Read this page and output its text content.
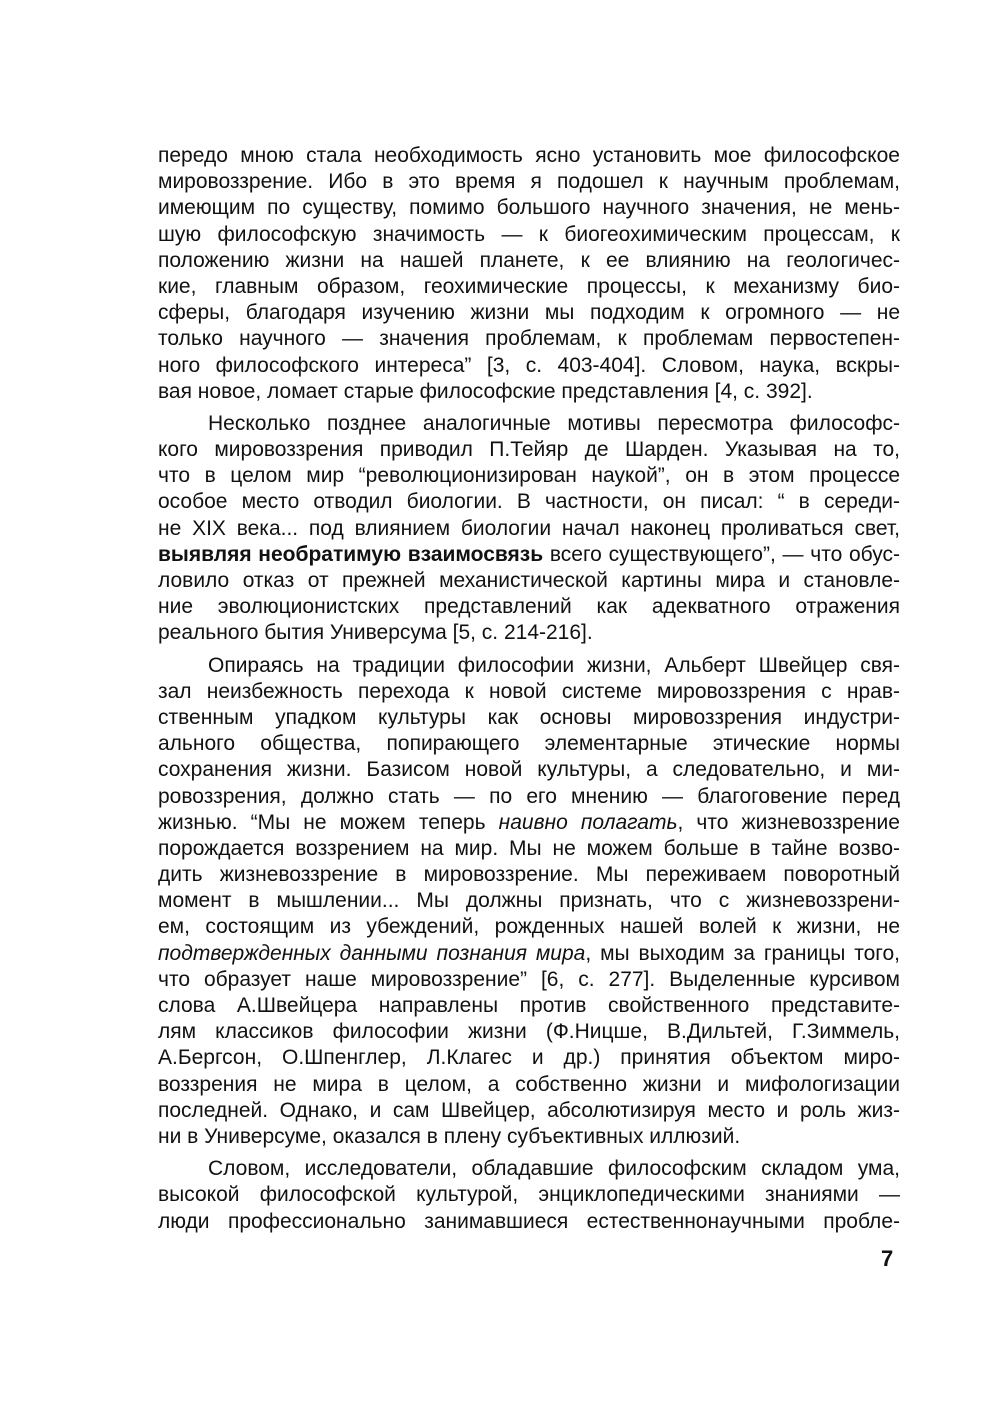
передо мною стала необходимость ясно установить мое философское
мировоззрение. Ибо в это время я подошел к научным проблемам,
имеющим по существу, помимо большого научного значения, не мень-
шую философскую значимость — к биогеохимическим процессам, к
положению жизни на нашей планете, к ее влиянию на геологичес-
кие, главным образом, геохимические процессы, к механизму био-
сферы, благодаря изучению жизни мы подходим к огромного — не
только научного — значения проблемам, к проблемам первостепен-
ного философского интереса” [3, с. 403-404]. Словом, наука, вскры-
вая новое, ломает старые философские представления [4, с. 392].
Несколько позднее аналогичные мотивы пересмотра философс-
кого мировоззрения приводил П.Тейяр де Шарден. Указывая на то,
что в целом мир “революционизирован наукой”, он в этом процессе
особое место отводил биологии. В частности, он писал: “ в середи-
не XIX века... под влиянием биологии начал наконец проливаться свет,
выявляя необратимую взаимосвязь всего существующего”, — что обус-
ловило отказ от прежней механистической картины мира и становле-
ние эволюционистских представлений как адекватного отражения
реального бытия Универсума [5, с. 214-216].
Опираясь на традиции философии жизни, Альберт Швейцер свя-
зал неизбежность перехода к новой системе мировоззрения с нрав-
ственным упадком культуры как основы мировоззрения индустри-
ального общества, попирающего элементарные этические нормы
сохранения жизни. Базисом новой культуры, а следовательно, и ми-
ровоззрения, должно стать — по его мнению — благоговение перед
жизнью. “Мы не можем теперь наивно полагать, что жизневоззрение
порождается воззрением на мир. Мы не можем больше в тайне возво-
дить жизневоззрение в мировоззрение. Мы переживаем поворотный
момент в мышлении... Мы должны признать, что с жизневоззрени-
ем, состоящим из убеждений, рожденных нашей волей к жизни, не
подтвержденных данными познания мира, мы выходим за границы того,
что образует наше мировоззрение” [6, с. 277]. Выделенные курсивом
слова А.Швейцера направлены против свойственного представите-
лям классиков философии жизни (Ф.Ницше, В.Дильтей, Г.Зиммель,
А.Бергсон, О.Шпенглер, Л.Клагес и др.) принятия объектом миро-
воззрения не мира в целом, а собственно жизни и мифологизации
последней. Однако, и сам Швейцер, абсолютизируя место и роль жиз-
ни в Универсуме, оказался в плену субъективных иллюзий.
Словом, исследователи, обладавшие философским складом ума,
высокой философской культурой, энциклопедическими знаниями —
люди профессионально занимавшиеся естественнонаучными пробле-
7
